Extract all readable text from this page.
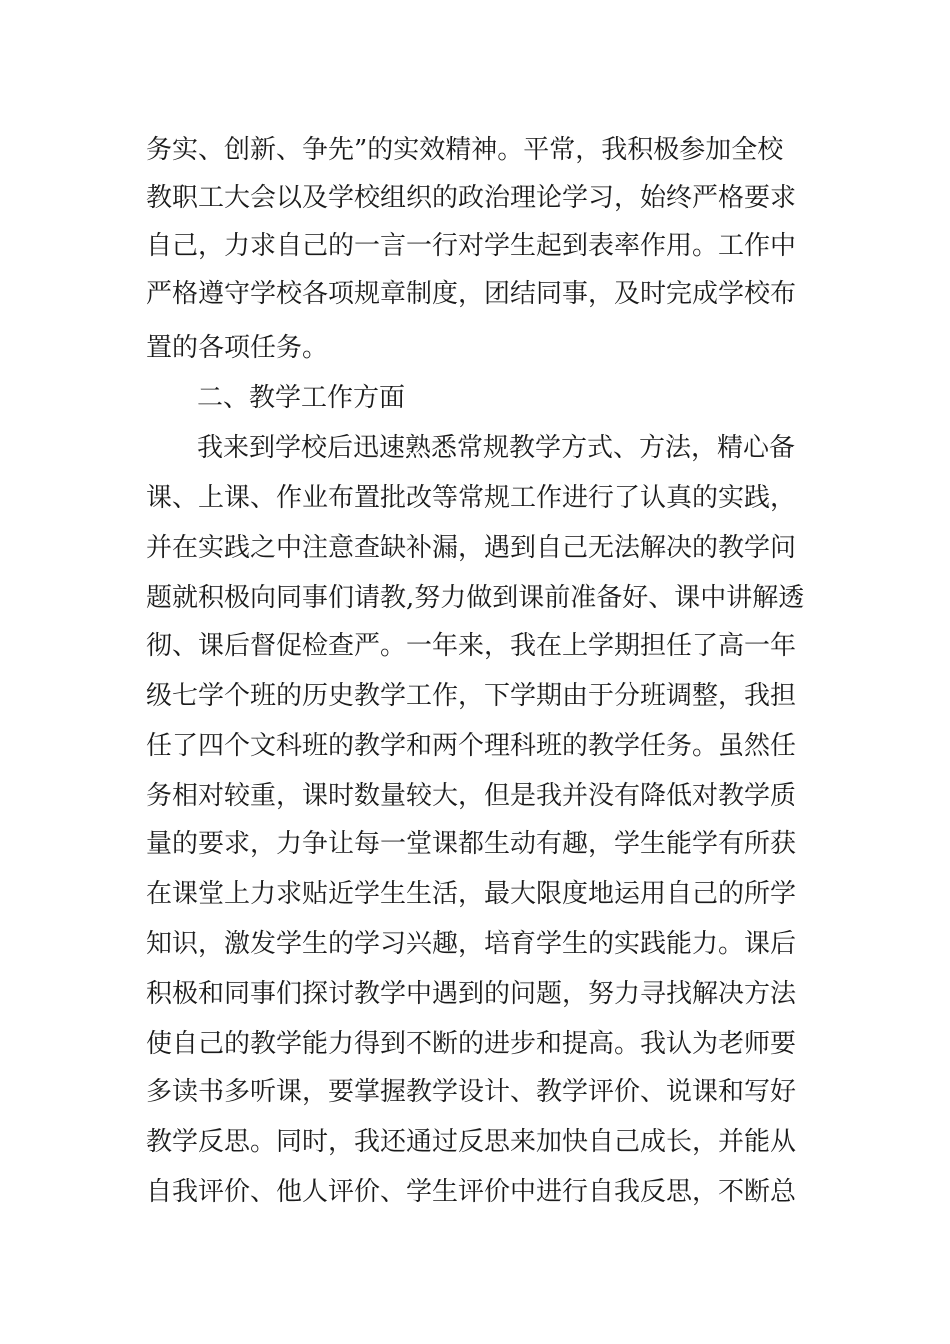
务实、创新、争先”的实效精神。平常，我积极参加全校
教职工大会以及学校组织的政治理论学习，始终严格要求
自己，力求自己的一言一行对学生起到表率作用。工作中
严格遵守学校各项规章制度，团结同事，及时完成学校布
置的各项任务。
二、教学工作方面
我来到学校后迅速熟悉常规教学方式、方法，精心备
课、上课、作业布置批改等常规工作进行了认真的实践，
并在实践之中注意查缺补漏，遇到自己无法解决的教学问
题就积极向同事们请教,努力做到课前准备好、课中讲解透
彻、课后督促检查严。一年来，我在上学期担任了高一年
级七学个班的历史教学工作，下学期由于分班调整，我担
任了四个文科班的教学和两个理科班的教学任务。虽然任
务相对较重，课时数量较大，但是我并没有降低对教学质
量的要求，力争让每一堂课都生动有趣，学生能学有所获
在课堂上力求贴近学生生活，最大限度地运用自己的所学
知识，激发学生的学习兴趣，培育学生的实践能力。课后
积极和同事们探讨教学中遇到的问题，努力寻找解决方法
使自己的教学能力得到不断的进步和提高。我认为老师要
多读书多听课，要掌握教学设计、教学评价、说课和写好
教学反思。同时，我还通过反思来加快自己成长，并能从
自我评价、他人评价、学生评价中进行自我反思，不断总
